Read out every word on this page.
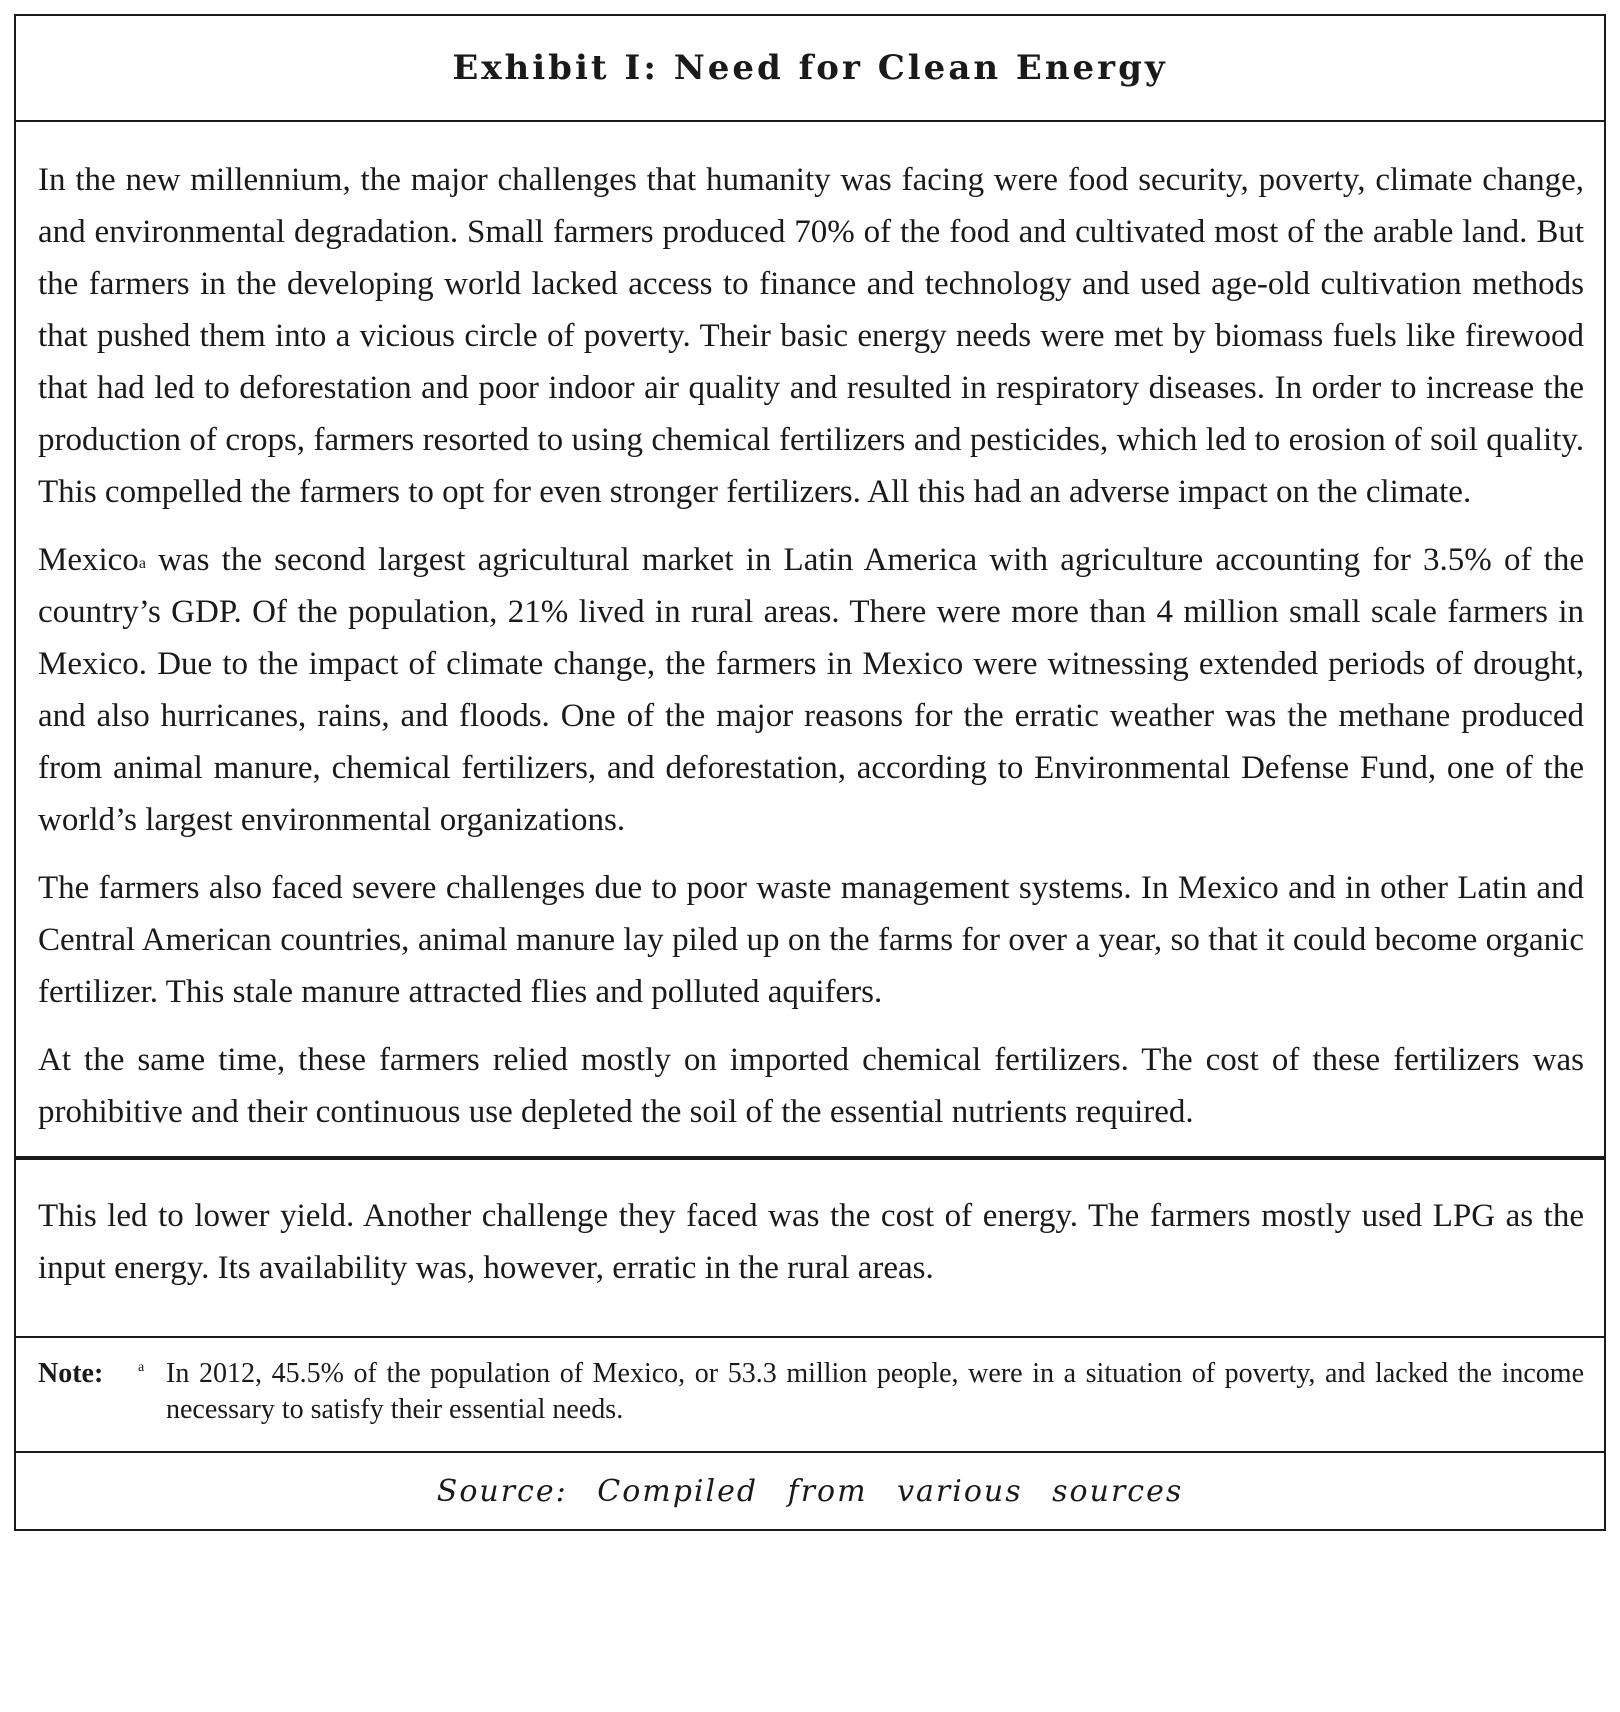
Exhibit I: Need for Clean Energy

In the new millennium, the major challenges that humanity was facing were food security, poverty, climate change, and environmental degradation. Small farmers produced 70% of the food and cultivated most of the arable land. But the farmers in the developing world lacked access to finance and technology and used age-old cultivation methods that pushed them into a vicious circle of poverty. Their basic energy needs were met by biomass fuels like firewood that had led to deforestation and poor indoor air quality and resulted in respiratory diseases. In order to increase the production of crops, farmers resorted to using chemical fertilizers and pesticides, which led to erosion of soil quality. This compelled the farmers to opt for even stronger fertilizers. All this had an adverse impact on the climate.

Mexico$^a$ was the second largest agricultural market in Latin America with agriculture accounting for 3.5% of the country’s GDP. Of the population, 21% lived in rural areas. There were more than 4 million small scale farmers in Mexico. Due to the impact of climate change, the farmers in Mexico were witnessing extended periods of drought, and also hurricanes, rains, and floods. One of the major reasons for the erratic weather was the methane produced from animal manure, chemical fertilizers, and deforestation, according to Environmental Defense Fund, one of the world’s largest environmental organizations.

The farmers also faced severe challenges due to poor waste management systems. In Mexico and in other Latin and Central American countries, animal manure lay piled up on the farms for over a year, so that it could become organic fertilizer. This stale manure attracted flies and polluted aquifers.

At the same time, these farmers relied mostly on imported chemical fertilizers. The cost of these fertilizers was prohibitive and their continuous use depleted the soil of the essential nutrients required.

This led to lower yield. Another challenge they faced was the cost of energy. The farmers mostly used LPG as the input energy. Its availability was, however, erratic in the rural areas.

Note:	a In 2012, 45.5% of the population of Mexico, or 53.3 million people, were in a situation of poverty, and lacked the income necessary to satisfy their essential needs.
Source: Compiled from various sources
